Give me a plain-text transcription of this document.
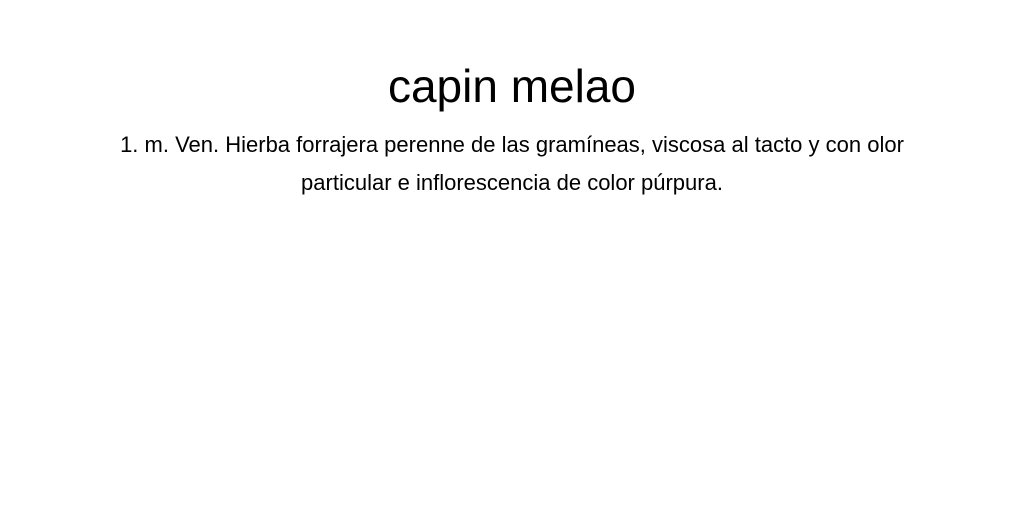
capin melao

1. m. Ven. Hierba forrajera perenne de las gramíneas, viscosa al tacto y con olor particular e inflorescencia de color púrpura.
